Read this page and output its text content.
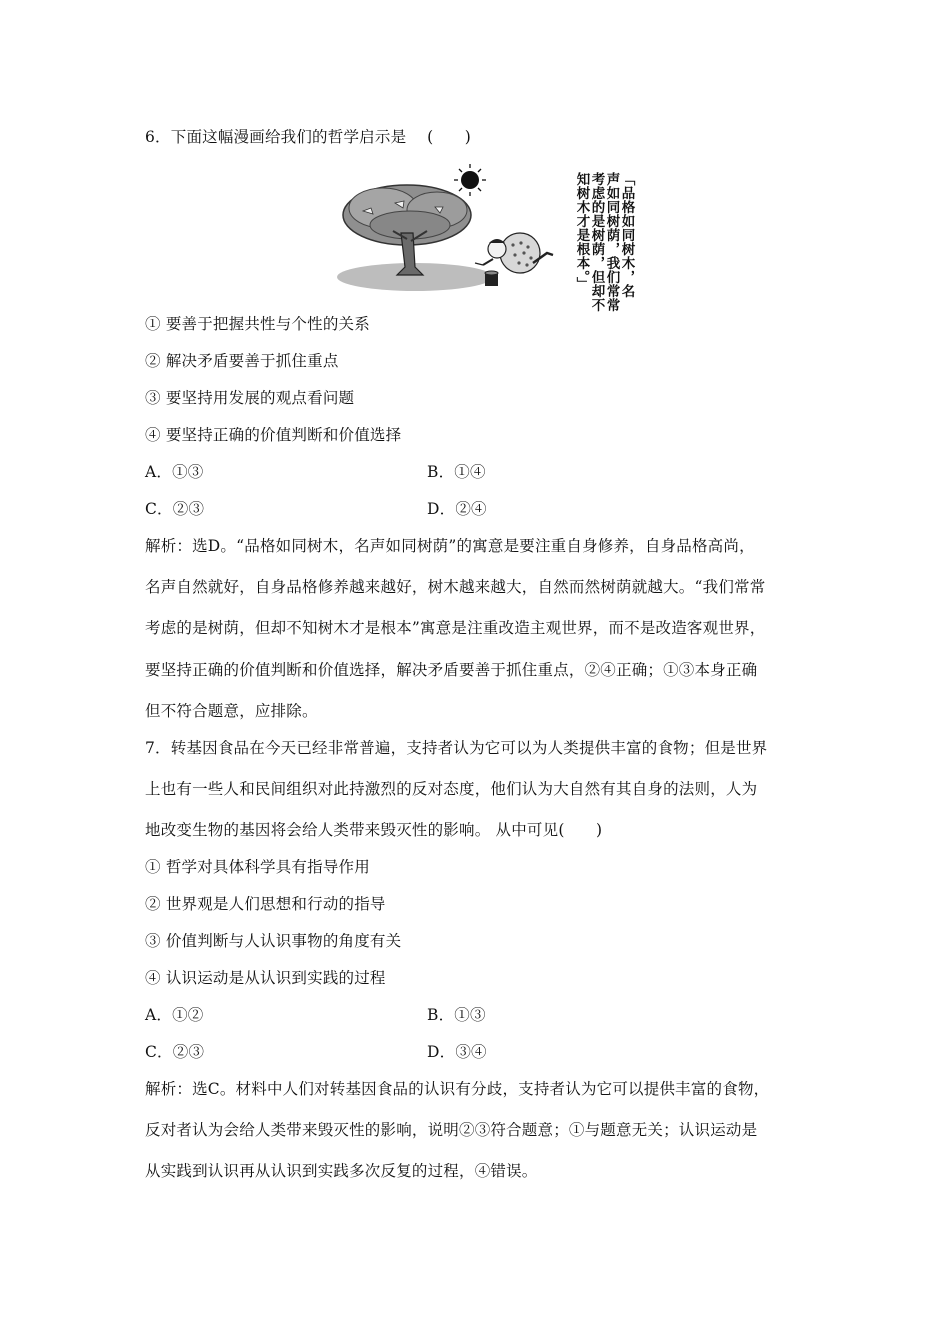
6．下面这幅漫画给我们的哲学启示是 　(　　)
「品格如同树木，名
声如同树荫，我们常常
考虑的是树荫，但却不
知树木才是根本。」
① 要善于把握共性与个性的关系
② 解决矛盾要善于抓住重点
③ 要坚持用发展的观点看问题
④ 要坚持正确的价值判断和价值选择
A．①③	B．①④
C．②③	D．②④
解析：选D。“品格如同树木，名声如同树荫”的寓意是要注重自身修养，自身品格高尚，
名声自然就好，自身品格修养越来越好，树木越来越大，自然而然树荫就越大。“我们常常
考虑的是树荫，但却不知树木才是根本”寓意是注重改造主观世界，而不是改造客观世界，
要坚持正确的价值判断和价值选择，解决矛盾要善于抓住重点，②④正确；①③本身正确
但不符合题意，应排除。
7．转基因食品在今天已经非常普遍，支持者认为它可以为人类提供丰富的食物；但是世界
上也有一些人和民间组织对此持激烈的反对态度，他们认为大自然有其自身的法则，人为
地改变生物的基因将会给人类带来毁灭性的影响。 从中可见(　　)
① 哲学对具体科学具有指导作用
② 世界观是人们思想和行动的指导
③ 价值判断与人认识事物的角度有关
④ 认识运动是从认识到实践的过程
A．①②	B．①③
C．②③	D．③④
解析：选C。材料中人们对转基因食品的认识有分歧，支持者认为它可以提供丰富的食物，
反对者认为会给人类带来毁灭性的影响，说明②③符合题意；①与题意无关；认识运动是
从实践到认识再从认识到实践多次反复的过程，④错误。
